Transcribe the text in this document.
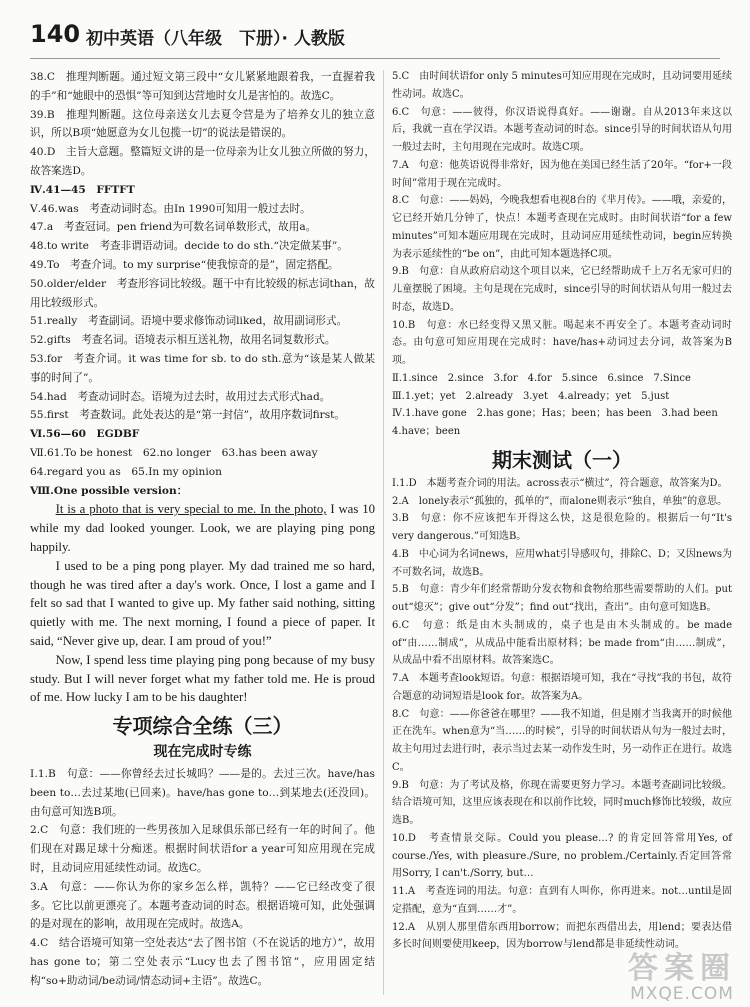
140 初中英语（八年级　下册）· 人教版

38.C　推理判断题。通过短文第三段中“女儿紧紧地跟着我，一直握着我的手”和“她眼中的恐惧”等可知到达营地时女儿是害怕的。故选C。

39.B　推理判断题。这位母亲送女儿去夏令营是为了培养女儿的独立意识，所以B项“她愿意为女儿包揽一切”的说法是错误的。

40.D　主旨大意题。整篇短文讲的是一位母亲为让女儿独立所做的努力，故答案选D。

Ⅳ.41—45　FFTFT

Ⅴ.46.was　考查动词时态。由In 1990可知用一般过去时。

47.a　考查冠词。pen friend为可数名词单数形式，故用a。

48.to write　考查非谓语动词。decide to do sth.“决定做某事”。

49.To　考查介词。to my surprise“使我惊奇的是”，固定搭配。

50.older/elder　考查形容词比较级。题干中有比较级的标志词than，故用比较级形式。

51.really　考查副词。语境中要求修饰动词liked，故用副词形式。

52.gifts　考查名词。语境表示相互送礼物，故用名词复数形式。

53.for　考查介词。it was time for sb. to do sth.意为“该是某人做某事的时间了”。

54.had　考查动词时态。语境为过去时，故用过去式形式had。

55.first　考查数词。此处表达的是“第一封信”，故用序数词first。

Ⅵ.56—60　EGDBF

Ⅶ.61.To be honest　62.no longer　63.has been away

64.regard you as　65.In my opinion

Ⅷ.One possible version：

It is a photo that is very special to me. In the photo, I was 10 while my dad looked younger. Look, we are playing ping pong happily.

I used to be a ping pong player. My dad trained me so hard, though he was tired after a day's work. Once, I lost a game and I felt so sad that I wanted to give up. My father said nothing, sitting quietly with me. The next morning, I found a piece of paper. It said, “Never give up, dear. I am proud of you!”

Now, I spend less time playing ping pong because of my busy study. But I will never forget what my father told me. He is proud of me. How lucky I am to be his daughter!

专项综合全练（三）
现在完成时专练

Ⅰ.1.B　句意：——你曾经去过长城吗？——是的。去过三次。have/has been to…去过某地(已回来)。have/has gone to…到某地去(还没回)。由句意可知选B项。

2.C　句意：我们班的一些男孩加入足球俱乐部已经有一年的时间了。他们现在对踢足球十分痴迷。根据时间状语for a year可知应用现在完成时，且动词应用延续性动词。故选C。

3.A　句意：——你认为你的家乡怎么样，凯特？——它已经改变了很多。它比以前更漂亮了。本题考查动词的时态。根据语境可知，此处强调的是对现在的影响，故用现在完成时。故选A。

4.C　结合语境可知第一空处表达“去了图书馆（不在说话的地方）”，故用has gone to；第二空处表示“Lucy也去了图书馆”，应用固定结构“so+助动词/be动词/情态动词+主语”。故选C。

5.C　由时间状语for only 5 minutes可知应用现在完成时，且动词要用延续性动词。故选C。

6.C　句意：——彼得，你汉语说得真好。——谢谢。自从2013年来这以后，我就一直在学汉语。本题考查动词的时态。since引导的时间状语从句用一般过去时，主句用现在完成时。故选C项。

7.A　句意：他英语说得非常好，因为他在美国已经生活了20年。“for+一段时间”常用于现在完成时。

8.C　句意：——妈妈，今晚我想看电视8台的《芈月传》。——哦，亲爱的，它已经开始几分钟了，快点！本题考查现在完成时。由时间状语“for a few minutes”可知本题应用现在完成时，且动词应用延续性动词，begin应转换为表示延续性的“be on”，由此可知本题选择C项。

9.B　句意：自从政府启动这个项目以来，它已经帮助成千上万名无家可归的儿童摆脱了困境。主句是现在完成时，since引导的时间状语从句用一般过去时态，故选D。

10.B　句意：水已经变得又黑又脏。喝起来不再安全了。本题考查动词时态。由句意可知应用现在完成时：have/has+动词过去分词，故答案为B项。

Ⅱ.1.since　2.since　3.for　4.for　5.since　6.since　7.Since

Ⅲ.1.yet；yet　2.already　3.yet　4.already；yet　5.just

Ⅳ.1.have gone　2.has gone；Has；been；has been　3.had been

4.have；been

期末测试（一）

Ⅰ.1.D　本题考查介词的用法。across表示“横过”，符合题意，故答案为D。

2.A　lonely表示“孤独的，孤单的”，而alone则表示“独自，单独”的意思。

3.B　句意：你不应该把车开得这么快，这是很危险的。根据后一句“It's very dangerous.”可知选B。

4.B　中心词为名词news，应用what引导感叹句，排除C、D；又因news为不可数名词，故选B。

5.B　句意：青少年们经常帮助分发衣物和食物给那些需要帮助的人们。put out“熄灭”；give out“分发”；find out“找出，查出”。由句意可知选B。

6.C　句意：纸是由木头制成的，桌子也是由木头制成的。be made of“由……制成”，从成品中能看出原材料；be made from“由……制成”，从成品中看不出原材料。故答案选C。

7.A　本题考查look短语。句意：根据语境可知，我在“寻找”我的书包，故符合题意的动词短语是look for。故答案为A。

8.C　句意：——你爸爸在哪里？——我不知道，但是刚才当我离开的时候他正在洗车。when意为“当……的时候”，引导的时间状语从句为一般过去时，故主句用过去进行时，表示当过去某一动作发生时，另一动作正在进行。故选C。

9.B　句意：为了考试及格，你现在需要更努力学习。本题考查副词比较级。结合语境可知，这里应该表现在和以前作比较，同时much修饰比较级，故应选B。

10.D　考查情景交际。Could you please…? 的肯定回答常用Yes, of course./Yes, with pleasure./Sure, no problem./Certainly.否定回答常用Sorry, I can't./Sorry, but…

11.A　考查连词的用法。句意：直到有人叫你，你再进来。not…until是固定搭配，意为“直到……才”。

12.A　从别人那里借东西用borrow；而把东西借出去，用lend；要表达借多长时间则要使用keep，因为borrow与lend都是非延续性动词。

答案圈
MXQE.COM
